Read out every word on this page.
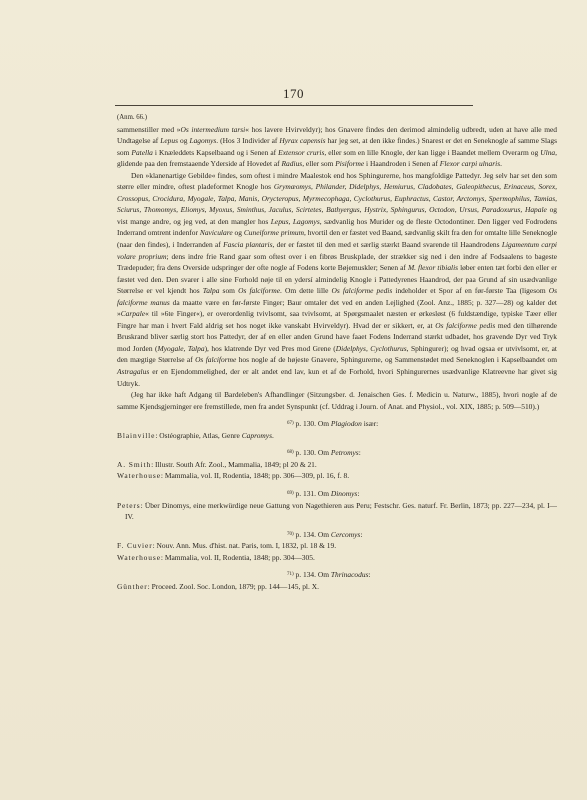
170

(Anm. 66.)

sammenstiller med »Os intermedium tarsi« hos lavere Hvirveldyr); hos Gnavere findes den derimod almindelig udbredt, uden at have alle med Undtagelse af Lepus og Lagomys. (Hos 3 Individer af Hyrax capensis har jeg set, at den ikke findes.) Snarest er det en Seneknogle af samme Slags som Patella i Knæleddets Kapselbaand og i Senen af Extensor cruris, eller som en lille Knogle, der kan ligge i Baandet mellem Overarm og Ulna, glidende paa den fremstaaende Yderside af Hovedet af Radius, eller som Pisiforme i Haandroden i Senen af Flexor carpi ulnaris.

Den »klanenartige Gebilde« findes, som oftest i mindre Maalestok end hos Sphingurerne, hos mangfoldige Pattedyr. Jeg selv har set den som større eller mindre, oftest pladeformet Knogle hos Grymæomys, Philander, Didelphys, Hemiurus, Cladobates, Galeopithecus, Erinaceus, Sorex, Crossopus, Crocidura, Myogale, Talpa, Manis, Orycteropus, Myrmecophaga, Cyclothurus, Euphractus, Castor, Arctomys, Spermophilus, Tamias, Sciurus, Thomomys, Eliomys, Myoxus, Sminthus, Jaculus, Scirtetes, Bathyergus, Hystrix, Sphingurus, Octodon, Ursus, Paradoxurus, Hapale og vist mange andre, og jeg ved, at den mangler hos Lepus, Lagomys, sædvanlig hos Murider og de fleste Octodontiner. Den ligger ved Fodrodens Inderrand omtrent indenfor Naviculare og Cuneiforme primum, hvortil den er fæstet ved Baand, sædvanlig skilt fra den for omtalte lille Seneknogle (naar den findes), i Inderranden af Fascia plantaris, der er fæstet til den med et særlig stærkt Baand svarende til Haandrodens Ligamentum carpi volare proprium; dens indre frie Rand gaar som oftest over i en fibrøs Bruskplade, der strækker sig ned i den indre af Fodsaalens to bageste Trædepuder; fra dens Overside udspringer der ofte nogle af Fodens korte Bøjemuskler; Senen af M. flexor tibialis løber enten tæt forbi den eller er fæstet ved den. Den svarer i alle sine Forhold nøje til en ydersí almindelig Knogle i Pattedyrenes Haandrod, der paa Grund af sin usædvanlige Størrelse er vel kjendt hos Talpa som Os falciforme. Om dette lille Os falciforme pedis indeholder et Spor af en før-første Taa (ligesom Os falciforme manus da maatte være en før-første Finger; Baur omtaler det ved en anden Lejlighed (Zool. Anz., 1885; p. 327—28) og kalder det »Carpale« til »6te Finger«), er overordenlig tvivlsomt, saa tvivlsomt, at Spørgsmaalet næsten er ørkesløst (6 fuldstændige, typiske Tæer eller Fingre har man i hvert Fald aldrig set hos noget ikke vanskabt Hvirveldyr). Hvad der er sikkert, er, at Os falciforme pedis med den tilhørende Bruskrand bliver særlig stort hos Pattedyr, der af en eller anden Grund have faaet Fodens Inderrand stærkt udbadet, hos gravende Dyr ved Tryk mod Jorden (Myogale, Talpa), hos klatrende Dyr ved Pres mod Grene (Didelphys, Cyclothurus, Sphingurer); og hvad ogsaa er utvivlsomt, er, at den mægtige Størrelse af Os falciforme hos nogle af de højeste Gnavere, Sphingurerne, og Sammenstødet med Seneknoglen i Kapselbaandet om Astragalus er en Ejendommelighed, der er alt andet end lav, kun et af de Forhold, hvori Sphingurernes usædvanlige Klatreevne har givet sig Udtryk.

(Jeg har ikke haft Adgang til Bardeleben's Afhandlinger (Sitzungsber. d. Jenaischen Ges. f. Medicin u. Naturw., 1885), hvori nogle af de samme Kjendsgjerninger ere fremstillede, men fra andet Synspunkt (cf. Uddrag i Journ. of Anat. and Physiol., vol. XIX, 1885; p. 509—510).)

$^{67)}$ p. 130. Om Plagiodon især:

Blainville: Ostéographie, Atlas, Genre Capromys.

$^{68)}$ p. 130. Om Petromys:

A. Smith: Illustr. South Afr. Zool., Mammalia, 1849; pl 20 & 21.

Waterhouse: Mammalia, vol. II, Rodentia, 1848; pp. 306—309, pl. 16, f. 8.

$^{69)}$ p. 131. Om Dinomys:

Peters: Über Dinomys, eine merkwürdige neue Gattung von Nagethieren aus Peru; Festschr. Ges. naturf. Fr. Berlin, 1873; pp. 227—234, pl. I—IV.

$^{70)}$ p. 134. Om Cercomys:

F. Cuvier: Nouv. Ann. Mus. d'hist. nat. Paris, tom. I, 1832, pl. 18 & 19.

Waterhouse: Mammalia, vol. II, Rodentia, 1848; pp. 304—305.

$^{71)}$ p. 134. Om Thrinacodus:

Günther: Proceed. Zool. Soc. London, 1879; pp. 144—145, pl. X.
